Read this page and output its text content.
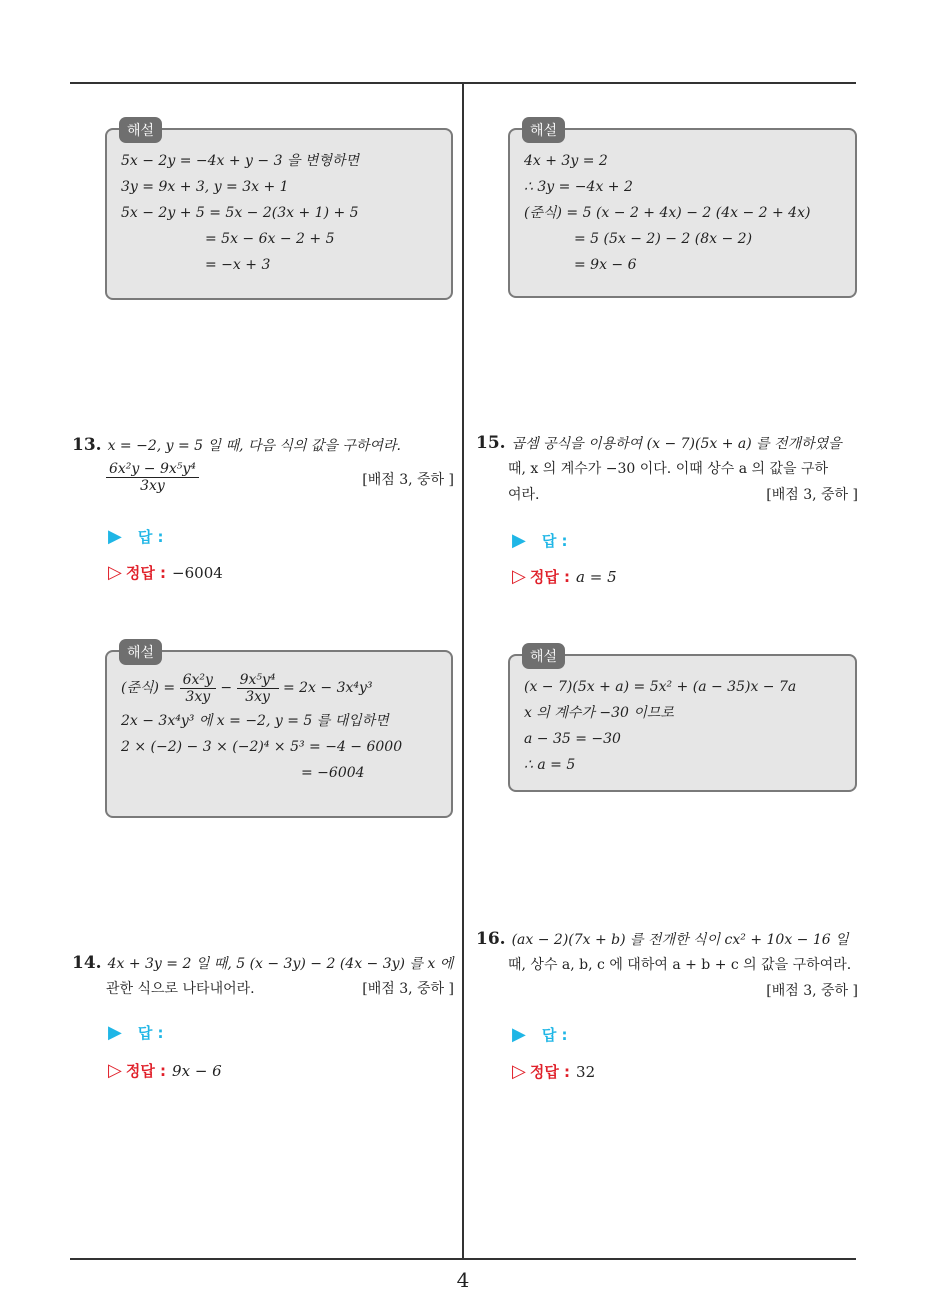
해설
5x − 2y = −4x + y − 3 을 변형하면
3y = 9x + 3, y = 3x + 1
5x − 2y + 5 = 5x − 2(3x + 1) + 5
= 5x − 6x − 2 + 5
= −x + 3
13. x = −2, y = 5 일 때, 다음 식의 값을 구하여라.
$\frac{\text{6x²y − 9x⁵y⁴}}{3xy}$	[배점 3, 중하 ]
▶ 답 :
▷ 정답 : −6004
해설
(준식) = $\frac{\text{6x²y}}{3xy} - \frac{\text{9x⁵y⁴}}{3xy} = 2x - 3x^4y^3$
2x − 3x⁴y³ 에 x = −2, y = 5 를 대입하면
2 × (−2) − 3 × (−2)⁴ × 5³ = −4 − 6000
= −6004
14. 4x + 3y = 2 일 때, 5 (x − 3y) − 2 (4x − 3y) 를 x 에
관한 식으로 나타내어라.	[배점 3, 중하 ]
▶ 답 :
▷ 정답 : 9x − 6
해설
4x + 3y = 2
∴ 3y = −4x + 2
(준식) = 5 (x − 2 + 4x) − 2 (4x − 2 + 4x)
= 5 (5x − 2) − 2 (8x − 2)
= 9x − 6
15. 곱셈 공식을 이용하여 (x − 7)(5x + a) 를 전개하였을
때, x 의 계수가 −30 이다. 이때 상수 a 의 값을 구하
여라.	[배점 3, 중하 ]
▶ 답 :
▷ 정답 : a = 5
해설
(x − 7)(5x + a) = 5x² + (a − 35)x − 7a
x 의 계수가 −30 이므로
a − 35 = −30
∴ a = 5
16. (ax − 2)(7x + b) 를 전개한 식이 cx² + 10x − 16 일
때, 상수 a, b, c 에 대하여 a + b + c 의 값을 구하여라.
[배점 3, 중하 ]
▶ 답 :
▷ 정답 : 32
4
